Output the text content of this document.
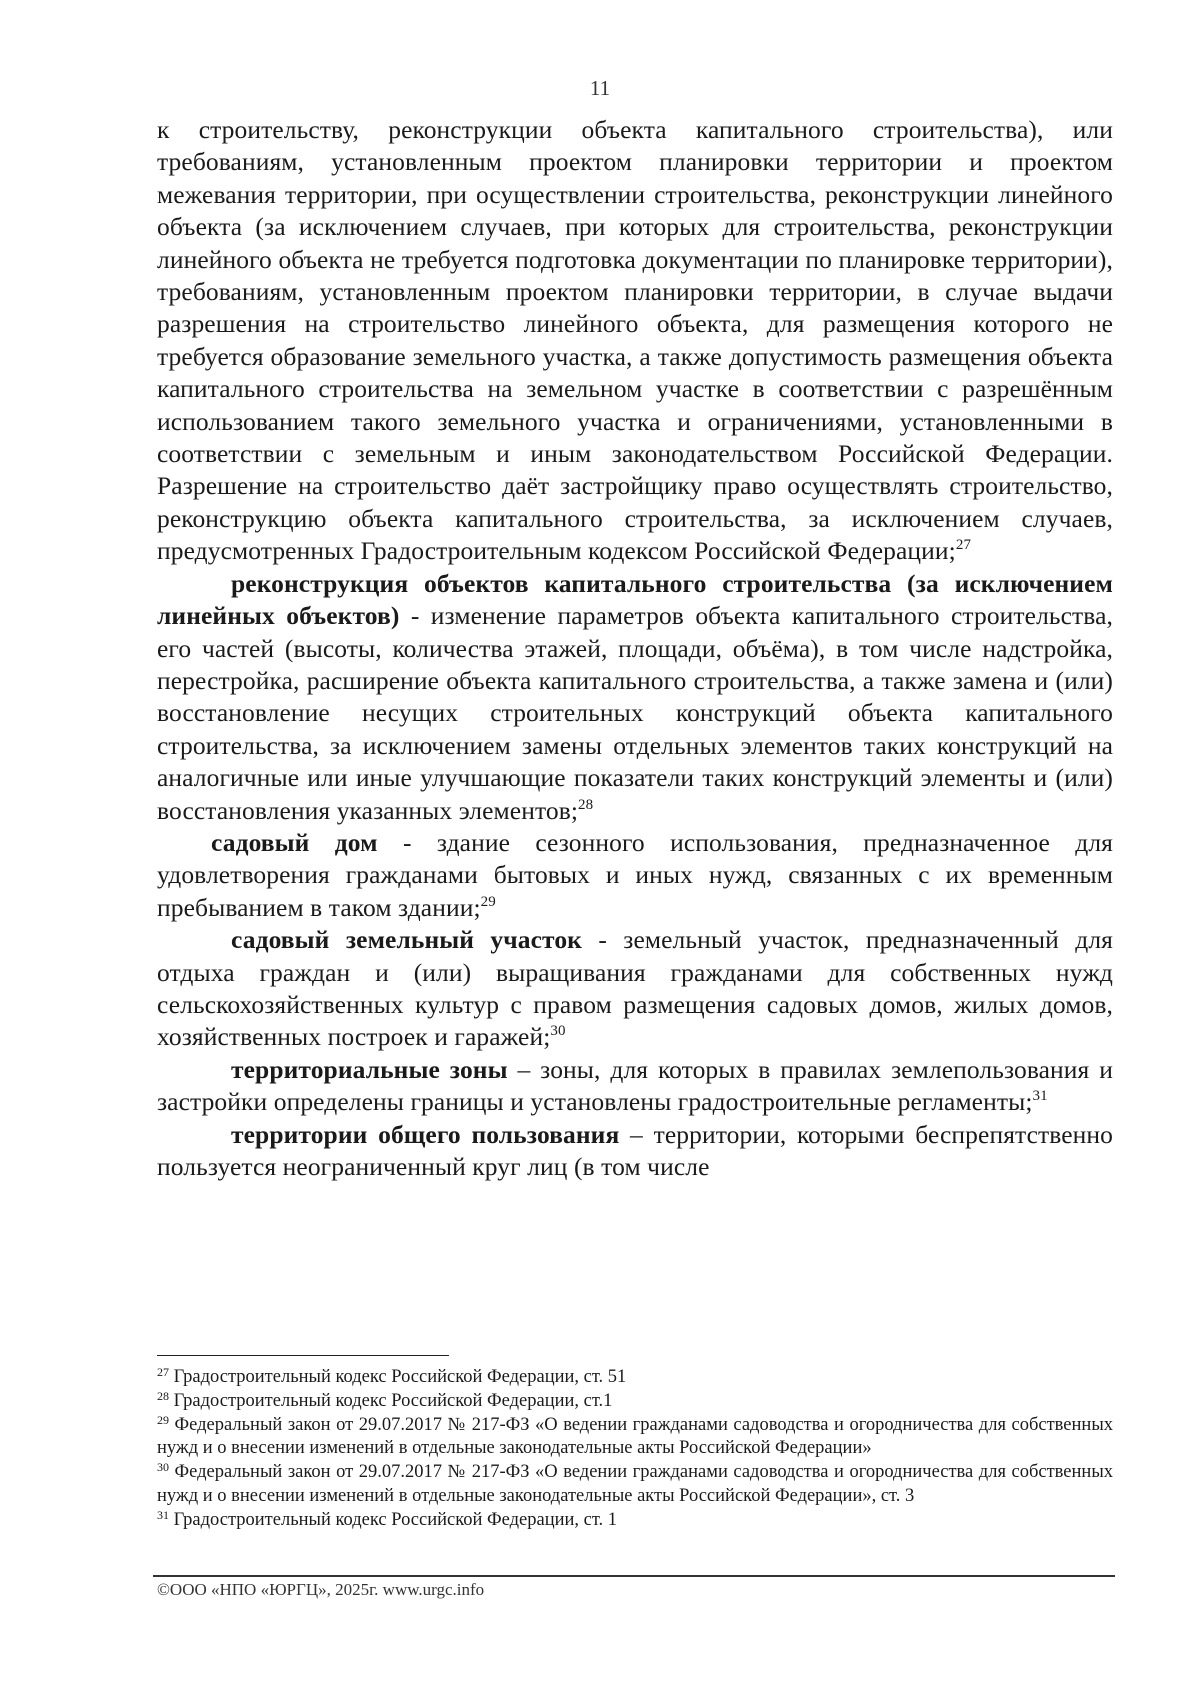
11

к строительству, реконструкции объекта капитального строительства), или требованиям, установленным проектом планировки территории и проектом межевания территории, при осуществлении строительства, реконструкции линейного объекта (за исключением случаев, при которых для строительства, реконструкции линейного объекта не требуется подготовка документации по планировке территории), требованиям, установленным проектом планировки территории, в случае выдачи разрешения на строительство линейного объекта, для размещения которого не требуется образование земельного участка, а также допустимость размещения объекта капитального строительства на земельном участке в соответствии с разрешённым использованием такого земельного участка и ограничениями, установленными в соответствии с земельным и иным законодательством Российской Федерации. Разрешение на строительство даёт застройщику право осуществлять строительство, реконструкцию объекта капитального строительства, за исключением случаев, предусмотренных Градостроительным кодексом Российской Федерации;$^{27}$

реконструкция объектов капитального строительства (за исключением линейных объектов) - изменение параметров объекта капитального строительства, его частей (высоты, количества этажей, площади, объёма), в том числе надстройка, перестройка, расширение объекта капитального строительства, а также замена и (или) восстановление несущих строительных конструкций объекта капитального строительства, за исключением замены отдельных элементов таких конструкций на аналогичные или иные улучшающие показатели таких конструкций элементы и (или) восстановления указанных элементов;$^{28}$

садовый дом - здание сезонного использования, предназначенное для удовлетворения гражданами бытовых и иных нужд, связанных с их временным пребыванием в таком здании;$^{29}$

садовый земельный участок - земельный участок, предназначенный для отдыха граждан и (или) выращивания гражданами для собственных нужд сельскохозяйственных культур с правом размещения садовых домов, жилых домов, хозяйственных построек и гаражей;$^{30}$

территориальные зоны – зоны, для которых в правилах землепользования и застройки определены границы и установлены градостроительные регламенты;$^{31}$

территории общего пользования – территории, которыми беспрепятственно пользуется неограниченный круг лиц (в том числе

$^{27}$ Градостроительный кодекс Российской Федерации, ст. 51

$^{28}$ Градостроительный кодекс Российской Федерации, ст.1

$^{29}$ Федеральный закон от 29.07.2017 № 217-ФЗ «О ведении гражданами садоводства и огородничества для собственных нужд и о внесении изменений в отдельные законодательные акты Российской Федерации»

$^{30}$ Федеральный закон от 29.07.2017 № 217-ФЗ «О ведении гражданами садоводства и огородничества для собственных нужд и о внесении изменений в отдельные законодательные акты Российской Федерации», ст. 3

$^{31}$ Градостроительный кодекс Российской Федерации, ст. 1

©ООО «НПО «ЮРГЦ», 2025г. www.urgc.info
